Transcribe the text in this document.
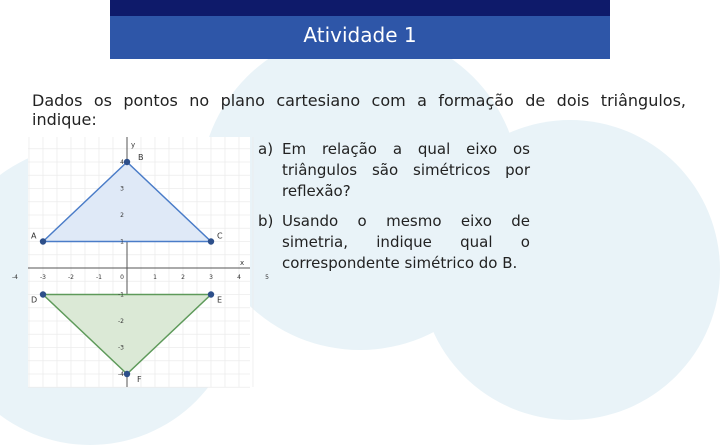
Atividade 1
Dados os pontos no plano cartesiano com a formação de dois triângulos, indique:
a) Em relação a qual eixo os triângulos são simétricos por reflexão?
b) Usando o mesmo eixo de simetria, indique qual o correspondente simétrico do B.
-4	-3	-2	-1	1	2	3	4	5
4
3
2
1
-1
-2
-3
-4
0
x
y
A
B
C
D	E
F
